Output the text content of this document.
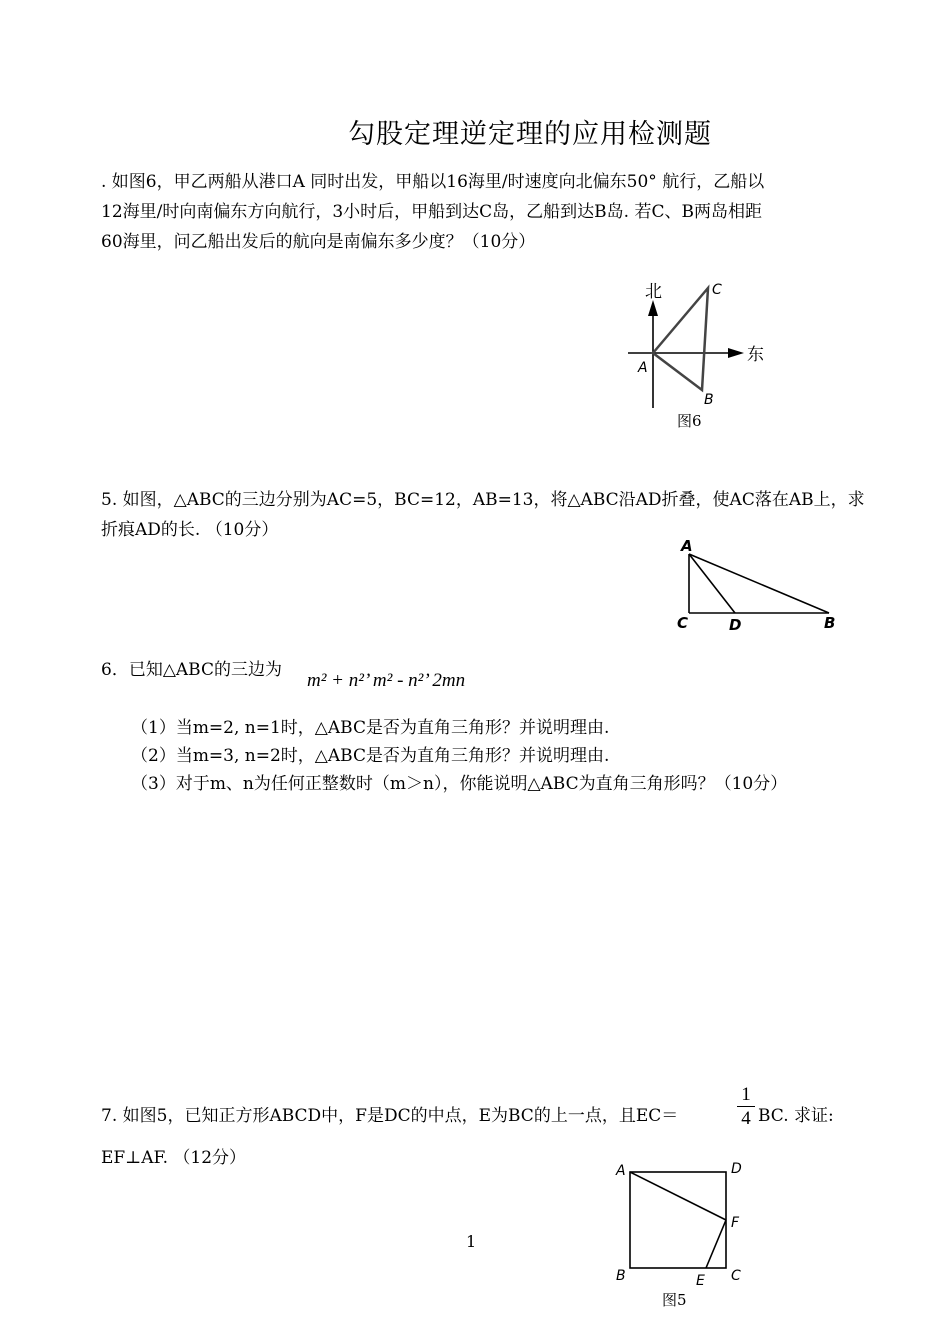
勾股定理逆定理的应用检测题
. 如图6，甲乙两船从港口A 同时出发，甲船以16海里/时速度向北偏东50° 航行，乙船以
12海里/时向南偏东方向航行，3小时后，甲船到达C岛，乙船到达B岛. 若C、B两岛相距
60海里，问乙船出发后的航向是南偏东多少度？（10分）
北
东
A
C
B
图6
5. 如图，△ABC的三边分别为AC=5，BC=12，AB=13，将△ABC沿AD折叠，使AC落在AB上，求
折痕AD的长. （10分）
A
C	D	B
6．已知△ABC的三边为 m² + n²’ m² - n²’ 2mn
（1）当m=2, n=1时，△ABC是否为直角三角形？并说明理由.
（2）当m=3, n=2时，△ABC是否为直角三角形？并说明理由.
（3）对于m、n为任何正整数时（m＞n），你能说明△ABC为直角三角形吗？（10分）
7. 如图5，已知正方形ABCD中，F是DC的中点，E为BC的上一点，且EC＝
1
4 BC. 求证:
EF⊥AF. （12分）
A	D
F
B	E C
图5
1
